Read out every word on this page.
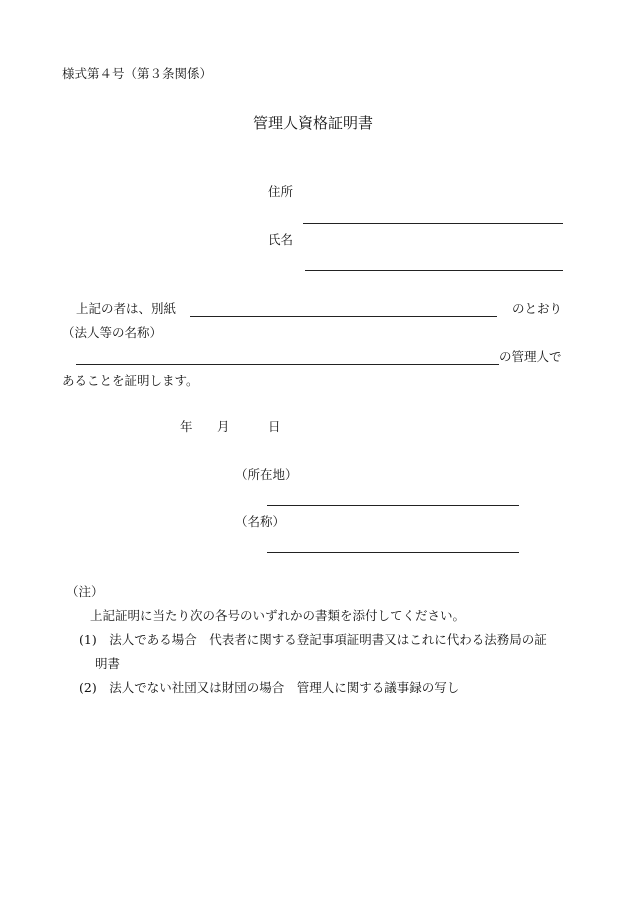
様式第４号（第３条関係）
管理人資格証明書
住所
氏名
上記の者は、別紙	のとおり
（法人等の名称）
の管理人で
あることを証明します。
年 月	日
（所在地）
（名称）
（注）
上記証明に当たり次の各号のいずれかの書類を添付してください。
(1)　法人である場合　代表者に関する登記事項証明書又はこれに代わる法務局の証
明書
(2)　法人でない社団又は財団の場合　管理人に関する議事録の写し
